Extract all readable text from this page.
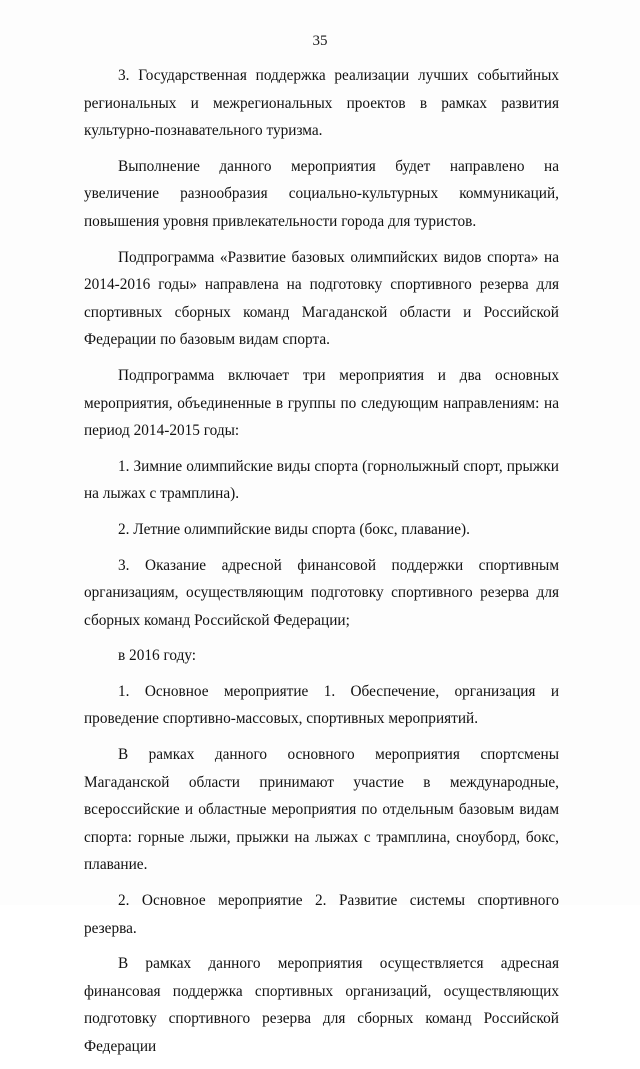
35

3. Государственная поддержка реализации лучших событийных региональных и межрегиональных проектов в рамках развития культурно-познавательного туризма.

Выполнение данного мероприятия будет направлено на увеличение разнообразия социально-культурных коммуникаций, повышения уровня привлекательности города для туристов.

Подпрограмма «Развитие базовых олимпийских видов спорта» на 2014-2016 годы» направлена на подготовку спортивного резерва для спортивных сборных команд Магаданской области и Российской Федерации по базовым видам спорта.

Подпрограмма включает три мероприятия и два основных мероприятия, объединенные в группы по следующим направлениям: на период 2014-2015 годы:

1. Зимние олимпийские виды спорта (горнолыжный спорт, прыжки на лыжах с трамплина).

2. Летние олимпийские виды спорта (бокс, плавание).

3. Оказание адресной финансовой поддержки спортивным организациям, осуществляющим подготовку спортивного резерва для сборных команд Российской Федерации;

в 2016 году:

1. Основное мероприятие 1. Обеспечение, организация и проведение спортивно-массовых, спортивных мероприятий.

В рамках данного основного мероприятия спортсмены Магаданской области принимают участие в международные, всероссийские и областные мероприятия по отдельным базовым видам спорта: горные лыжи, прыжки на лыжах с трамплина, сноуборд, бокс, плавание.

2. Основное мероприятие 2. Развитие системы спортивного резерва.

В рамках данного мероприятия осуществляется адресная финансовая поддержка спортивных организаций, осуществляющих подготовку спортивного резерва для сборных команд Российской Федерации
